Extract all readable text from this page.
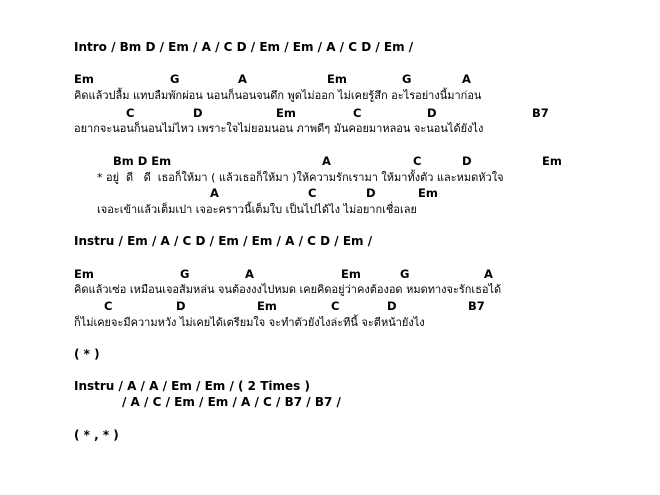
Intro / Bm D / Em / A / C D / Em / Em / A / C D / Em /

Em

	G

	A

	Em

	G

	A

คิดแล้วปลื้ม แทบลืมพักผ่อน นอนก็นอนจนดึก พูดไม่ออก ไม่เคยรู้สึก อะไรอย่างนี้มาก่อน

C

	D

	Em

	C

	D

	B7

อยากจะนอนก็นอนไม่ไหว เพราะใจไม่ยอมนอน ภาพดีๆ มันคอยมาหลอน จะนอนได้ยังไง

Bm D Em

	A

	C

	D

	Em

* อยู่  ดี   ดี  เธอก็ให้มา ( แล้วเธอก็ให้มา )ให้ความรักเรามา ให้มาทั้งตัว และหมดหัวใจ

A

	C

	D

	Em

เจอะเข้าแล้วเต็มเปา เจอะคราวนี้เต็มใบ เป็นไปได้ไง ไม่อยากเชื่อเลย
Instru / Em / A / C D / Em / Em / A / C D / Em /

Em

	G

	A

	Em

	G

	A

คิดแล้วเซ่อ เหมือนเจอส้มหล่น จนต้องงงไปหมด เคยคิดอยู่ว่าคงต้องอด หมดทางจะรักเธอได้

C

	D

	Em

	C

	D

	B7

ก็ไม่เคยจะมีความหวัง ไม่เคยได้เตรียมใจ จะทำตัวยังไงล่ะทีนี้ จะตีหน้ายังไง
( * )
Instru / A / A / Em / Em / ( 2 Times )
/ A / C / Em / Em / A / C / B7 / B7 /
( * , * )
